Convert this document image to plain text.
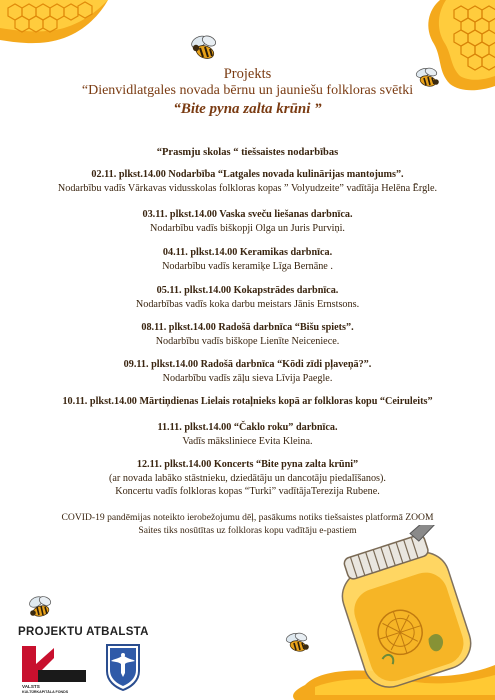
Projekts
“Dienvidlatgales novada bērnu un jauniešu folkloras svētki
“Bite pyna zalta krūni ”
“Prasmju skolas “ tiešsaistes nodarbības
02.11. plkst.14.00 Nodarbība “Latgales novada kulinārijas mantojums”.
Nodarbību vadīs Vārkavas vidusskolas folkloras kopas ” Volyudzeite” vadītāja Helēna Ērgle.
03.11. plkst.14.00 Vaska sveču liešanas darbnīca.
Nodarbību vadīs biškopji Olga un Juris Purviņi.
04.11. plkst.14.00 Keramikas darbnīca.
Nodarbību vadīs keramiķe Līga Bernāne .
05.11. plkst.14.00 Kokapstrādes darbnīca.
Nodarbības vadīs koka darbu meistars Jānis Ernstsons.
08.11. plkst.14.00 Radošā darbnīca “Bišu spiets”.
Nodarbību vadīs biškope Lienīte Neiceniece.
09.11. plkst.14.00 Radošā darbnīca “Kōdi zīdi pļaveņā?”.
Nodarbību vadīs zāļu sieva Līvija Paegle.
10.11. plkst.14.00 Mārtiņdienas Lielais rotaļnieks kopā ar folkloras kopu “Ceiruleits”
11.11. plkst.14.00 “Čaklo roku” darbnīca.
Vadīs māksliniece Evita Kleina.
12.11. plkst.14.00 Koncerts “Bite pyna zalta krūni”
(ar novada labāko stāstnieku, dziedātāju un dancotāju piedalīšanos).
Koncertu vadīs folkloras kopas “Turki” vadītājaTerezija Rubene.
COVID-19 pandēmijas noteikto ierobežojumu dēļ, pasākums notiks tiešsaistes platformā ZOOM
Saites tiks nosūtītas uz folkloras kopu vadītāju e-pastiem
PROJEKTU ATBALSTA
VALSTS
KULTŪRKAPITĀLA FONDS
